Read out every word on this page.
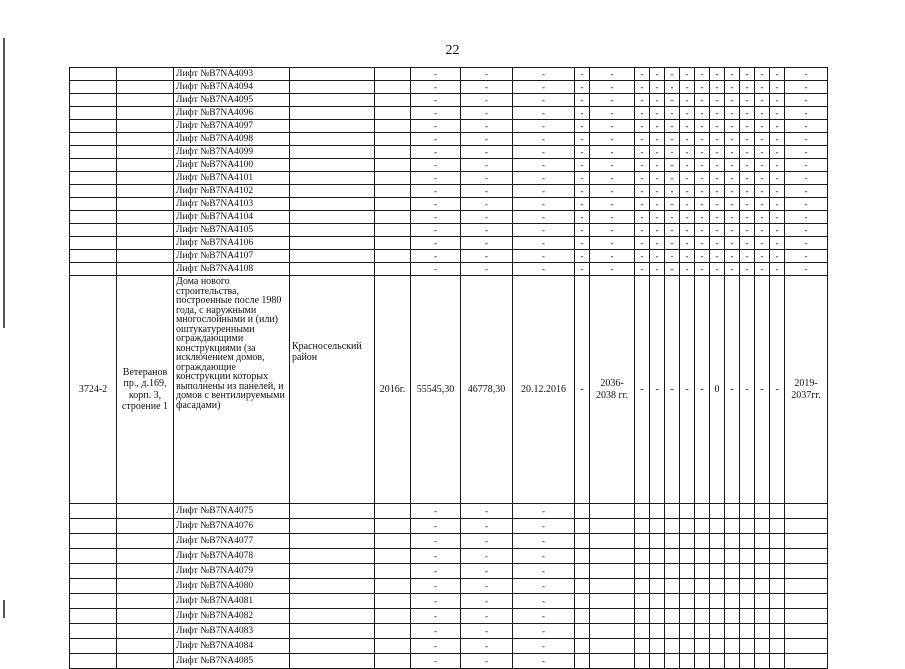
22
		Лифт №B7NA4093			-	-	-	-	-	-	-	-	-	-	-	-	-	-	-	-
		Лифт №B7NA4094			-	-	-	-	-	-	-	-	-	-	-	-	-	-	-	-
		Лифт №B7NA4095			-	-	-	-	-	-	-	-	-	-	-	-	-	-	-	-
		Лифт №B7NA4096			-	-	-	-	-	-	-	-	-	-	-	-	-	-	-	-
		Лифт №B7NA4097			-	-	-	-	-	-	-	-	-	-	-	-	-	-	-	-
		Лифт №B7NA4098			-	-	-	-	-	-	-	-	-	-	-	-	-	-	-	-
		Лифт №B7NA4099			-	-	-	-	-	-	-	-	-	-	-	-	-	-	-	-
		Лифт №B7NA4100			-	-	-	-	-	-	-	-	-	-	-	-	-	-	-	-
		Лифт №B7NA4101			-	-	-	-	-	-	-	-	-	-	-	-	-	-	-	-
		Лифт №B7NA4102			-	-	-	-	-	-	-	-	-	-	-	-	-	-	-	-
		Лифт №B7NA4103			-	-	-	-	-	-	-	-	-	-	-	-	-	-	-	-
		Лифт №B7NA4104			-	-	-	-	-	-	-	-	-	-	-	-	-	-	-	-
		Лифт №B7NA4105			-	-	-	-	-	-	-	-	-	-	-	-	-	-	-	-
		Лифт №B7NA4106			-	-	-	-	-	-	-	-	-	-	-	-	-	-	-	-
		Лифт №B7NA4107			-	-	-	-	-	-	-	-	-	-	-	-	-	-	-	-
		Лифт №B7NA4108			-	-	-	-	-	-	-	-	-	-	-	-	-	-	-	-
3724-2	Ветеранов пр., д.169, корп. 3, строение 1	Дома нового строительства, построенные после 1980 года, с наружными многослойными и (или) оштукатуренными ограждающими конструкциями (за исключением домов, ограждающие конструкции которых выполнены из панелей, и домов с вентилируемыми фасадами)	Красносельский район	2016г.	55545,30	46778,30	20.12.2016	-	2036-2038 гг.	-	-	-	-	-	0	-	-	-	-	2019-2037гг.
		Лифт №B7NA4075			-	-	-													
		Лифт №B7NA4076			-	-	-													
		Лифт №B7NA4077			-	-	-													
		Лифт №B7NA4078			-	-	-													
		Лифт №B7NA4079			-	-	-													
		Лифт №B7NA4080			-	-	-													
		Лифт №B7NA4081			-	-	-													
		Лифт №B7NA4082			-	-	-													
		Лифт №B7NA4083			-	-	-													
		Лифт №B7NA4084			-	-	-													
		Лифт №B7NA4085			-	-	-													
